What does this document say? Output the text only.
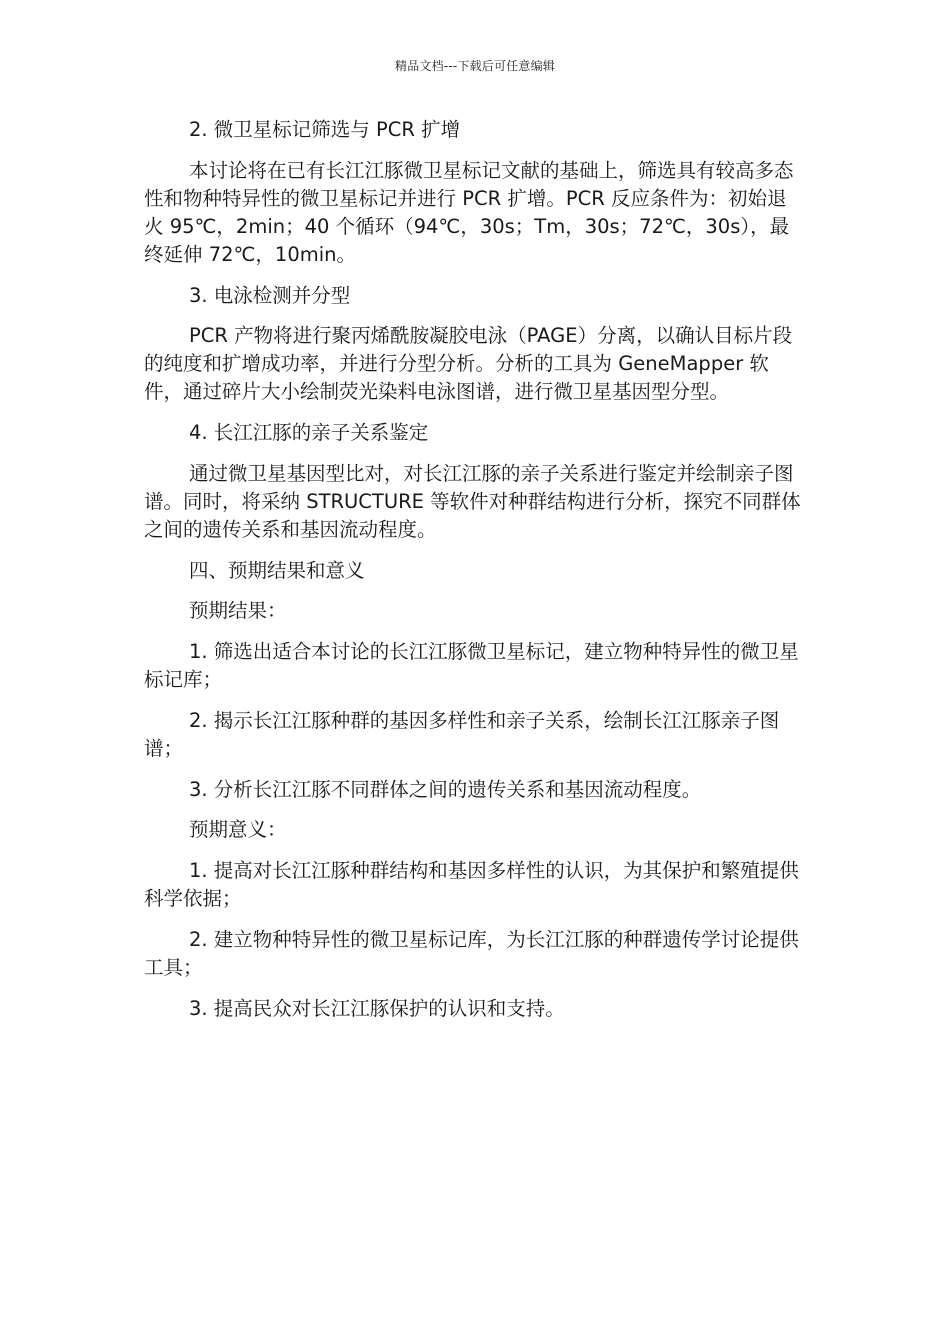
精品文档---下载后可任意编辑

2. 微卫星标记筛选与 PCR 扩增

本讨论将在已有长江江豚微卫星标记文献的基础上，筛选具有较高多态性和物种特异性的微卫星标记并进行 PCR 扩增。PCR 反应条件为：初始退火 95℃，2min；40 个循环（94℃，30s；Tm，30s；72℃，30s），最终延伸 72℃，10min。

3. 电泳检测并分型

PCR 产物将进行聚丙烯酰胺凝胶电泳（PAGE）分离，以确认目标片段的纯度和扩增成功率，并进行分型分析。分析的工具为 GeneMapper 软件，通过碎片大小绘制荧光染料电泳图谱，进行微卫星基因型分型。

4. 长江江豚的亲子关系鉴定

通过微卫星基因型比对，对长江江豚的亲子关系进行鉴定并绘制亲子图谱。同时，将采纳 STRUCTURE 等软件对种群结构进行分析，探究不同群体之间的遗传关系和基因流动程度。

四、预期结果和意义

预期结果：

1. 筛选出适合本讨论的长江江豚微卫星标记，建立物种特异性的微卫星标记库；

2. 揭示长江江豚种群的基因多样性和亲子关系，绘制长江江豚亲子图谱；

3. 分析长江江豚不同群体之间的遗传关系和基因流动程度。

预期意义：

1. 提高对长江江豚种群结构和基因多样性的认识，为其保护和繁殖提供科学依据；

2. 建立物种特异性的微卫星标记库，为长江江豚的种群遗传学讨论提供工具；

3. 提高民众对长江江豚保护的认识和支持。
